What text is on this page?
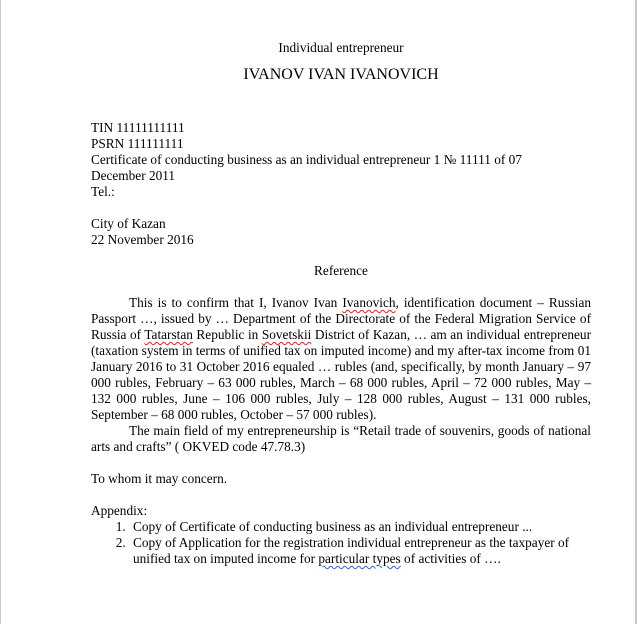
Individual entrepreneur
IVANOV IVAN IVANOVICH
TIN 11111111111
PSRN 111111111
Certificate of conducting business as an individual entrepreneur 1 № 11111 of 07 December 2011
Tel.:
City of Kazan
22 November 2016
Reference

This is to confirm that I, Ivanov Ivan Ivanovich, identification document – Russian Passport …, issued by … Department of the Directorate of the Federal Migration Service of Russia of Tatarstan Republic in Sovetskii District of Kazan, … am an individual entrepreneur (taxation system in terms of unified tax on imputed income) and my after-tax income from 01 January 2016 to 31 October 2016 equaled … rubles (and, specifically, by month January – 97 000 rubles, February – 63 000 rubles, March – 68 000 rubles, April – 72 000 rubles, May – 132 000 rubles, June – 106 000 rubles, July – 128 000 rubles, August – 131 000 rubles, September – 68 000 rubles, October – 57 000 rubles).

The main field of my entrepreneurship is “Retail trade of souvenirs, goods of national arts and crafts” ( OKVED code 47.78.3)

To whom it may concern.
Appendix:
1. Copy of Certificate of conducting business as an individual entrepreneur ...
2. Copy of Application for the registration individual entrepreneur as the taxpayer of unified tax on imputed income for particular types of activities of ….
